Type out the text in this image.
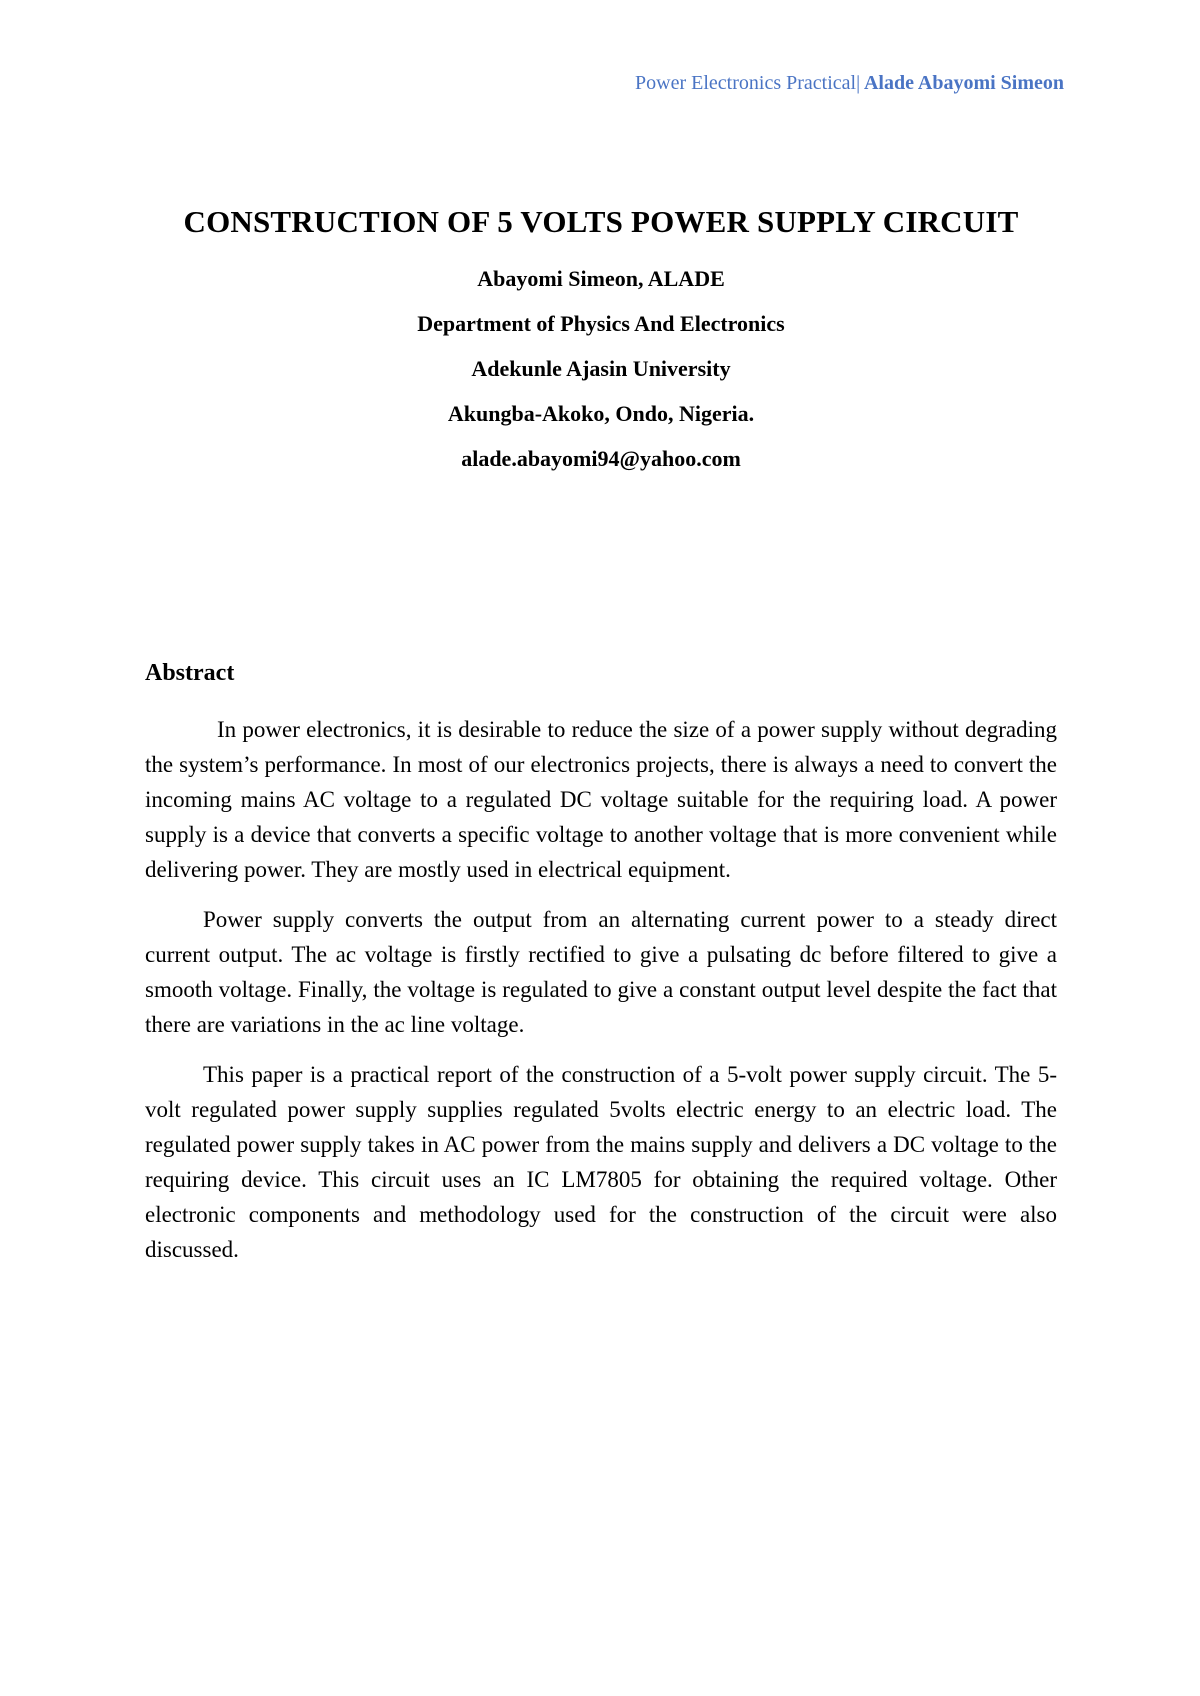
Power Electronics Practical| Alade Abayomi Simeon
CONSTRUCTION OF 5 VOLTS POWER SUPPLY CIRCUIT

Abayomi Simeon, ALADE

Department of Physics And Electronics

Adekunle Ajasin University

Akungba-Akoko, Ondo, Nigeria.

alade.abayomi94@yahoo.com

Abstract

In power electronics, it is desirable to reduce the size of a power supply without degrading the system’s performance. In most of our electronics projects, there is always a need to convert the incoming mains AC voltage to a regulated DC voltage suitable for the requiring load. A power supply is a device that converts a specific voltage to another voltage that is more convenient while delivering power. They are mostly used in electrical equipment.

Power supply converts the output from an alternating current power to a steady direct current output. The ac voltage is firstly rectified to give a pulsating dc before filtered to give a smooth voltage. Finally, the voltage is regulated to give a constant output level despite the fact that there are variations in the ac line voltage.

This paper is a practical report of the construction of a 5-volt power supply circuit. The 5-volt regulated power supply supplies regulated 5volts electric energy to an electric load. The regulated power supply takes in AC power from the mains supply and delivers a DC voltage to the requiring device. This circuit uses an IC LM7805 for obtaining the required voltage. Other electronic components and methodology used for the construction of the circuit were also discussed.
